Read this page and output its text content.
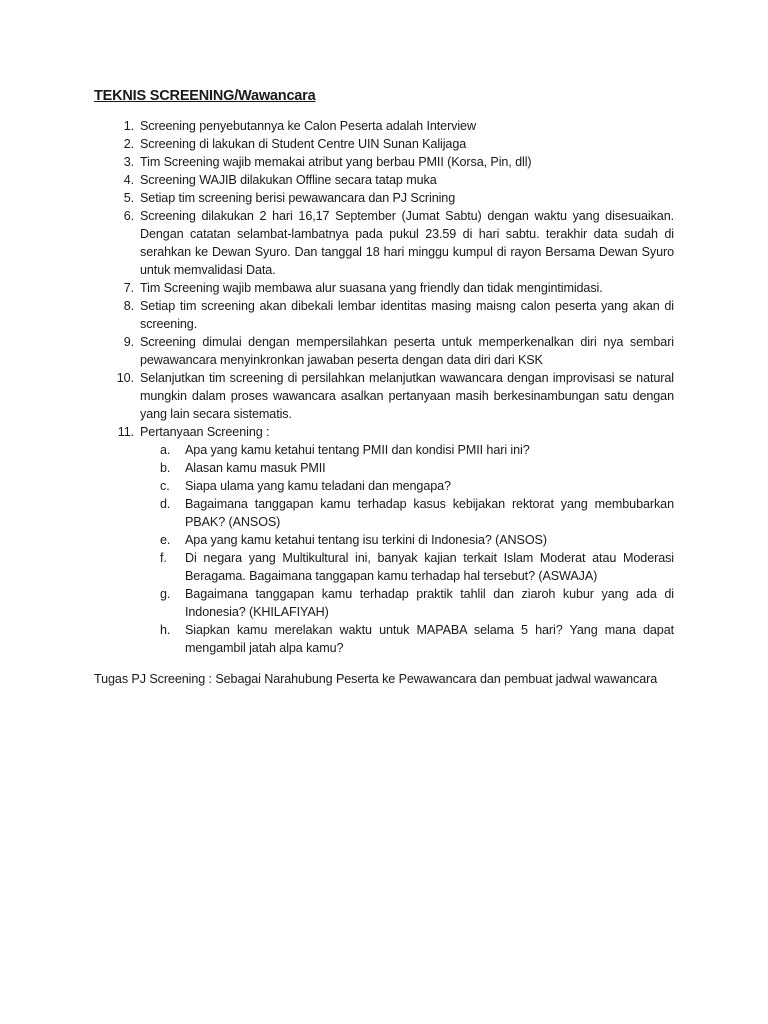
TEKNIS SCREENING/Wawancara
1. Screening penyebutannya ke Calon Peserta adalah Interview
2. Screening di lakukan di Student Centre UIN Sunan Kalijaga
3. Tim Screening wajib memakai atribut yang berbau PMII (Korsa, Pin, dll)
4. Screening WAJIB dilakukan Offline secara tatap muka
5. Setiap tim screening berisi pewawancara dan PJ Scrining
6. Screening dilakukan 2 hari 16,17 September (Jumat Sabtu) dengan waktu yang disesuaikan. Dengan catatan selambat-lambatnya pada pukul 23.59 di hari sabtu. terakhir data sudah di serahkan ke Dewan Syuro. Dan tanggal 18 hari minggu kumpul di rayon Bersama Dewan Syuro untuk memvalidasi Data.
7. Tim Screening wajib membawa alur suasana yang friendly dan tidak mengintimidasi.
8. Setiap tim screening akan dibekali lembar identitas masing maisng calon peserta yang akan di screening.
9. Screening dimulai dengan mempersilahkan peserta untuk memperkenalkan diri nya sembari pewawancara menyinkronkan jawaban peserta dengan data diri dari KSK
10. Selanjutkan tim screening di persilahkan melanjutkan wawancara dengan improvisasi se natural mungkin dalam proses wawancara asalkan pertanyaan masih berkesinambungan satu dengan yang lain secara sistematis.
11. Pertanyaan Screening :
a. Apa yang kamu ketahui tentang PMII dan kondisi PMII hari ini?
b. Alasan kamu masuk PMII
c. Siapa ulama yang kamu teladani dan mengapa?
d. Bagaimana tanggapan kamu terhadap kasus kebijakan rektorat yang membubarkan PBAK? (ANSOS)
e. Apa yang kamu ketahui tentang isu terkini di Indonesia? (ANSOS)
f. Di negara yang Multikultural ini, banyak kajian terkait Islam Moderat atau Moderasi Beragama. Bagaimana tanggapan kamu terhadap hal tersebut? (ASWAJA)
g. Bagaimana tanggapan kamu terhadap praktik tahlil dan ziaroh kubur yang ada di Indonesia? (KHILAFIYAH)
h. Siapkan kamu merelakan waktu untuk MAPABA selama 5 hari? Yang mana dapat mengambil jatah alpa kamu?

Tugas PJ Screening : Sebagai Narahubung Peserta ke Pewawancara dan pembuat jadwal wawancara
